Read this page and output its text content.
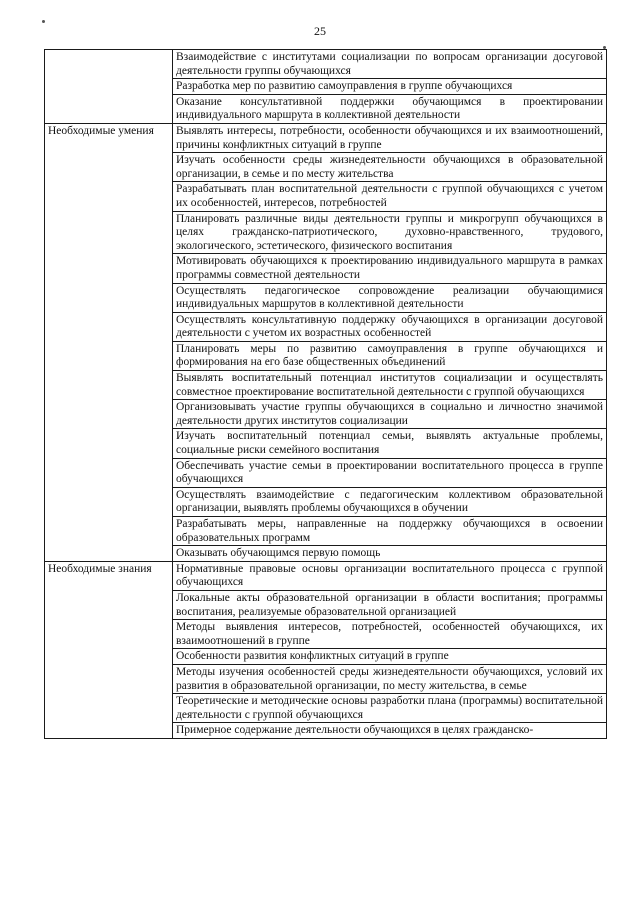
25
	Взаимодействие с институтами социализации по вопросам организации досуговой деятельности группы обучающихся
	Разработка мер по развитию самоуправления в группе обучающихся
	Оказание консультативной поддержки обучающимся в проектировании индивидуального маршрута в коллективной деятельности
Необходимые умения	Выявлять интересы, потребности, особенности обучающихся и их взаимоотношений, причины конфликтных ситуаций в группе
	Изучать особенности среды жизнедеятельности обучающихся в образовательной организации, в семье и по месту жительства
	Разрабатывать план воспитательной деятельности с группой обучающихся с учетом их особенностей, интересов, потребностей
	Планировать различные виды деятельности группы и микрогрупп обучающихся в целях гражданско-патриотического, духовно-нравственного, трудового, экологического, эстетического, физического воспитания
	Мотивировать обучающихся к проектированию индивидуального маршрута в рамках программы совместной деятельности
	Осуществлять педагогическое сопровождение реализации обучающимися индивидуальных маршрутов в коллективной деятельности
	Осуществлять консультативную поддержку обучающихся в организации досуговой деятельности с учетом их возрастных особенностей
	Планировать меры по развитию самоуправления в группе обучающихся и формирования на его базе общественных объединений
	Выявлять воспитательный потенциал институтов социализации и осуществлять совместное проектирование воспитательной деятельности с группой обучающихся
	Организовывать участие группы обучающихся в социально и личностно значимой деятельности других институтов социализации
	Изучать воспитательный потенциал семьи, выявлять актуальные проблемы, социальные риски семейного воспитания
	Обеспечивать участие семьи в проектировании воспитательного процесса в группе обучающихся
	Осуществлять взаимодействие с педагогическим коллективом образовательной организации, выявлять проблемы обучающихся в обучении
	Разрабатывать меры, направленные на поддержку обучающихся в освоении образовательных программ
	Оказывать обучающимся первую помощь
Необходимые знания	Нормативные правовые основы организации воспитательного процесса с группой обучающихся
	Локальные акты образовательной организации в области воспитания; программы воспитания, реализуемые образовательной организацией
	Методы выявления интересов, потребностей, особенностей обучающихся, их взаимоотношений в группе
	Особенности развития конфликтных ситуаций в группе
	Методы изучения особенностей среды жизнедеятельности обучающихся, условий их развития в образовательной организации, по месту жительства, в семье
	Теоретические и методические основы разработки плана (программы) воспитательной деятельности с группой обучающихся
	Примерное содержание деятельности обучающихся в целях гражданско-
